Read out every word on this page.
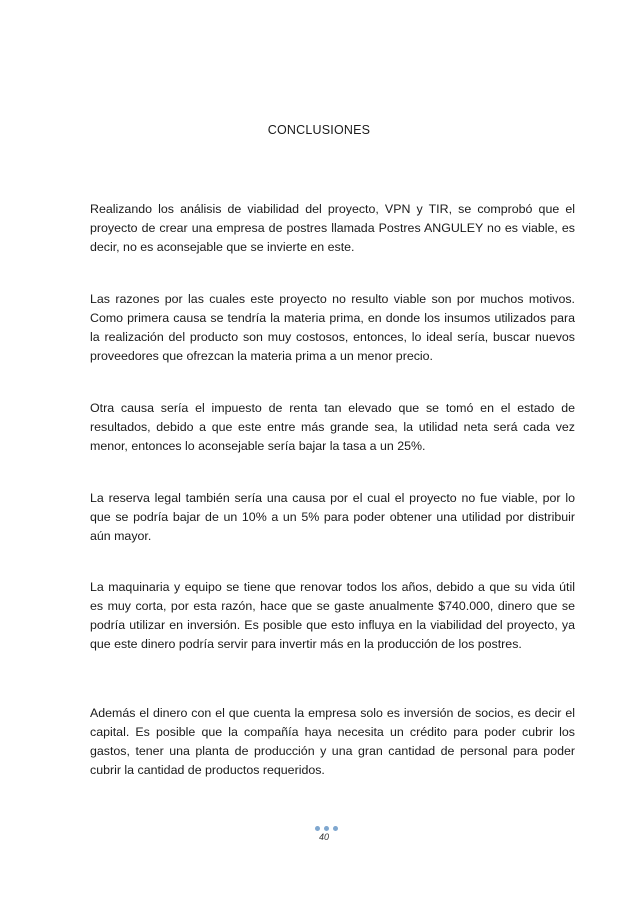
CONCLUSIONES

Realizando los análisis de viabilidad del proyecto, VPN y TIR, se comprobó que el proyecto de crear una empresa de postres llamada Postres ANGULEY no es viable, es decir, no es aconsejable que se invierte en este.

Las razones por las cuales este proyecto no resulto viable son por muchos motivos. Como primera causa se tendría la materia prima, en donde los insumos utilizados para la realización del producto son muy costosos, entonces, lo ideal sería, buscar nuevos proveedores que ofrezcan la materia prima a un menor precio.

Otra causa sería el impuesto de renta tan elevado que se tomó en el estado de resultados, debido a que este entre más grande sea, la utilidad neta será cada vez menor, entonces lo aconsejable sería bajar la tasa a un 25%.

La reserva legal también sería una causa por el cual el proyecto no fue viable, por lo que se podría bajar de un 10% a un 5% para poder obtener una utilidad por distribuir aún mayor.

La maquinaria y equipo se tiene que renovar todos los años, debido a que su vida útil es muy corta, por esta razón, hace que se gaste anualmente $740.000, dinero que se podría utilizar en inversión. Es posible que esto influya en la viabilidad del proyecto, ya que este dinero podría servir para invertir más en la producción de los postres.

Además el dinero con el que cuenta la empresa solo es inversión de socios, es decir el capital. Es posible que la compañía haya necesita un crédito para poder cubrir los gastos, tener una planta de producción y una gran cantidad de personal para poder cubrir la cantidad de productos requeridos.

40
